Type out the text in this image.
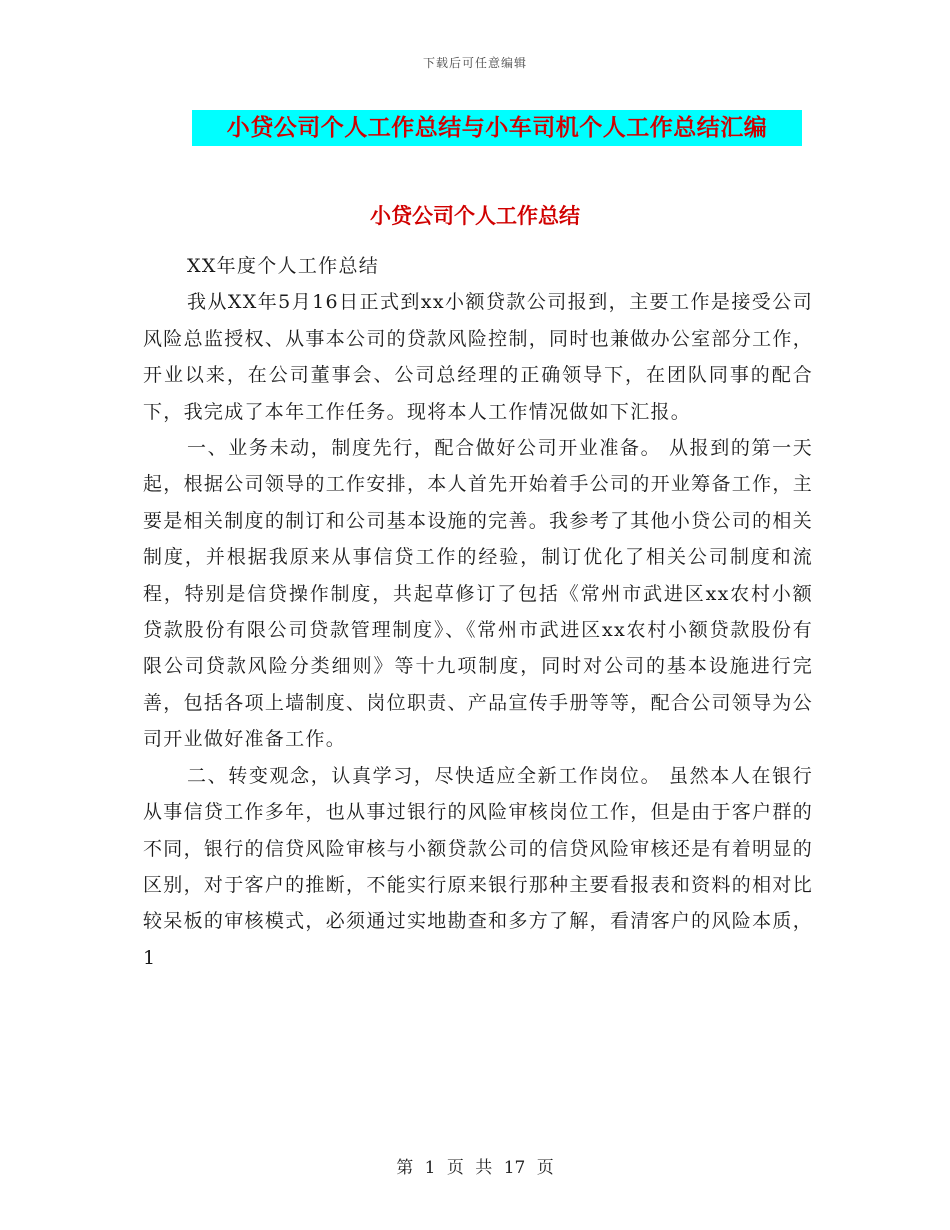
下载后可任意编辑
小贷公司个人工作总结与小车司机个人工作总结汇编
小贷公司个人工作总结

XX年度个人工作总结

我从XX年5月16日正式到xx小额贷款公司报到，主要工作是接受公司风险总监授权、从事本公司的贷款风险控制，同时也兼做办公室部分工作，开业以来，在公司董事会、公司总经理的正确领导下，在团队同事的配合下，我完成了本年工作任务。现将本人工作情况做如下汇报。

一、业务未动，制度先行，配合做好公司开业准备。 从报到的第一天起，根据公司领导的工作安排，本人首先开始着手公司的开业筹备工作，主要是相关制度的制订和公司基本设施的完善。我参考了其他小贷公司的相关制度，并根据我原来从事信贷工作的经验，制订优化了相关公司制度和流程，特别是信贷操作制度，共起草修订了包括《常州市武进区xx农村小额 贷款股份有限公司贷款管理制度》、《常州市武进区xx农村小额贷款股份有限公司贷款风险分类细则》等十九项制度，同时对公司的基本设施进行完善，包括各项上墙制度、岗位职责、产品宣传手册等等，配合公司领导为公司开业做好准备工作。

二、转变观念，认真学习，尽快适应全新工作岗位。 虽然本人在银行从事信贷工作多年，也从事过银行的风险审核岗位工作，但是由于客户群的不同，银行的信贷风险审核与小额贷款公司的信贷风险审核还是有着明显的区别，对于客户的推断，不能实行原来银行那种主要看报表和资料的相对比较呆板的审核模式，必须通过实地勘查和多方了解，看清客户的风险本质， 1

第 1 页 共 17 页
